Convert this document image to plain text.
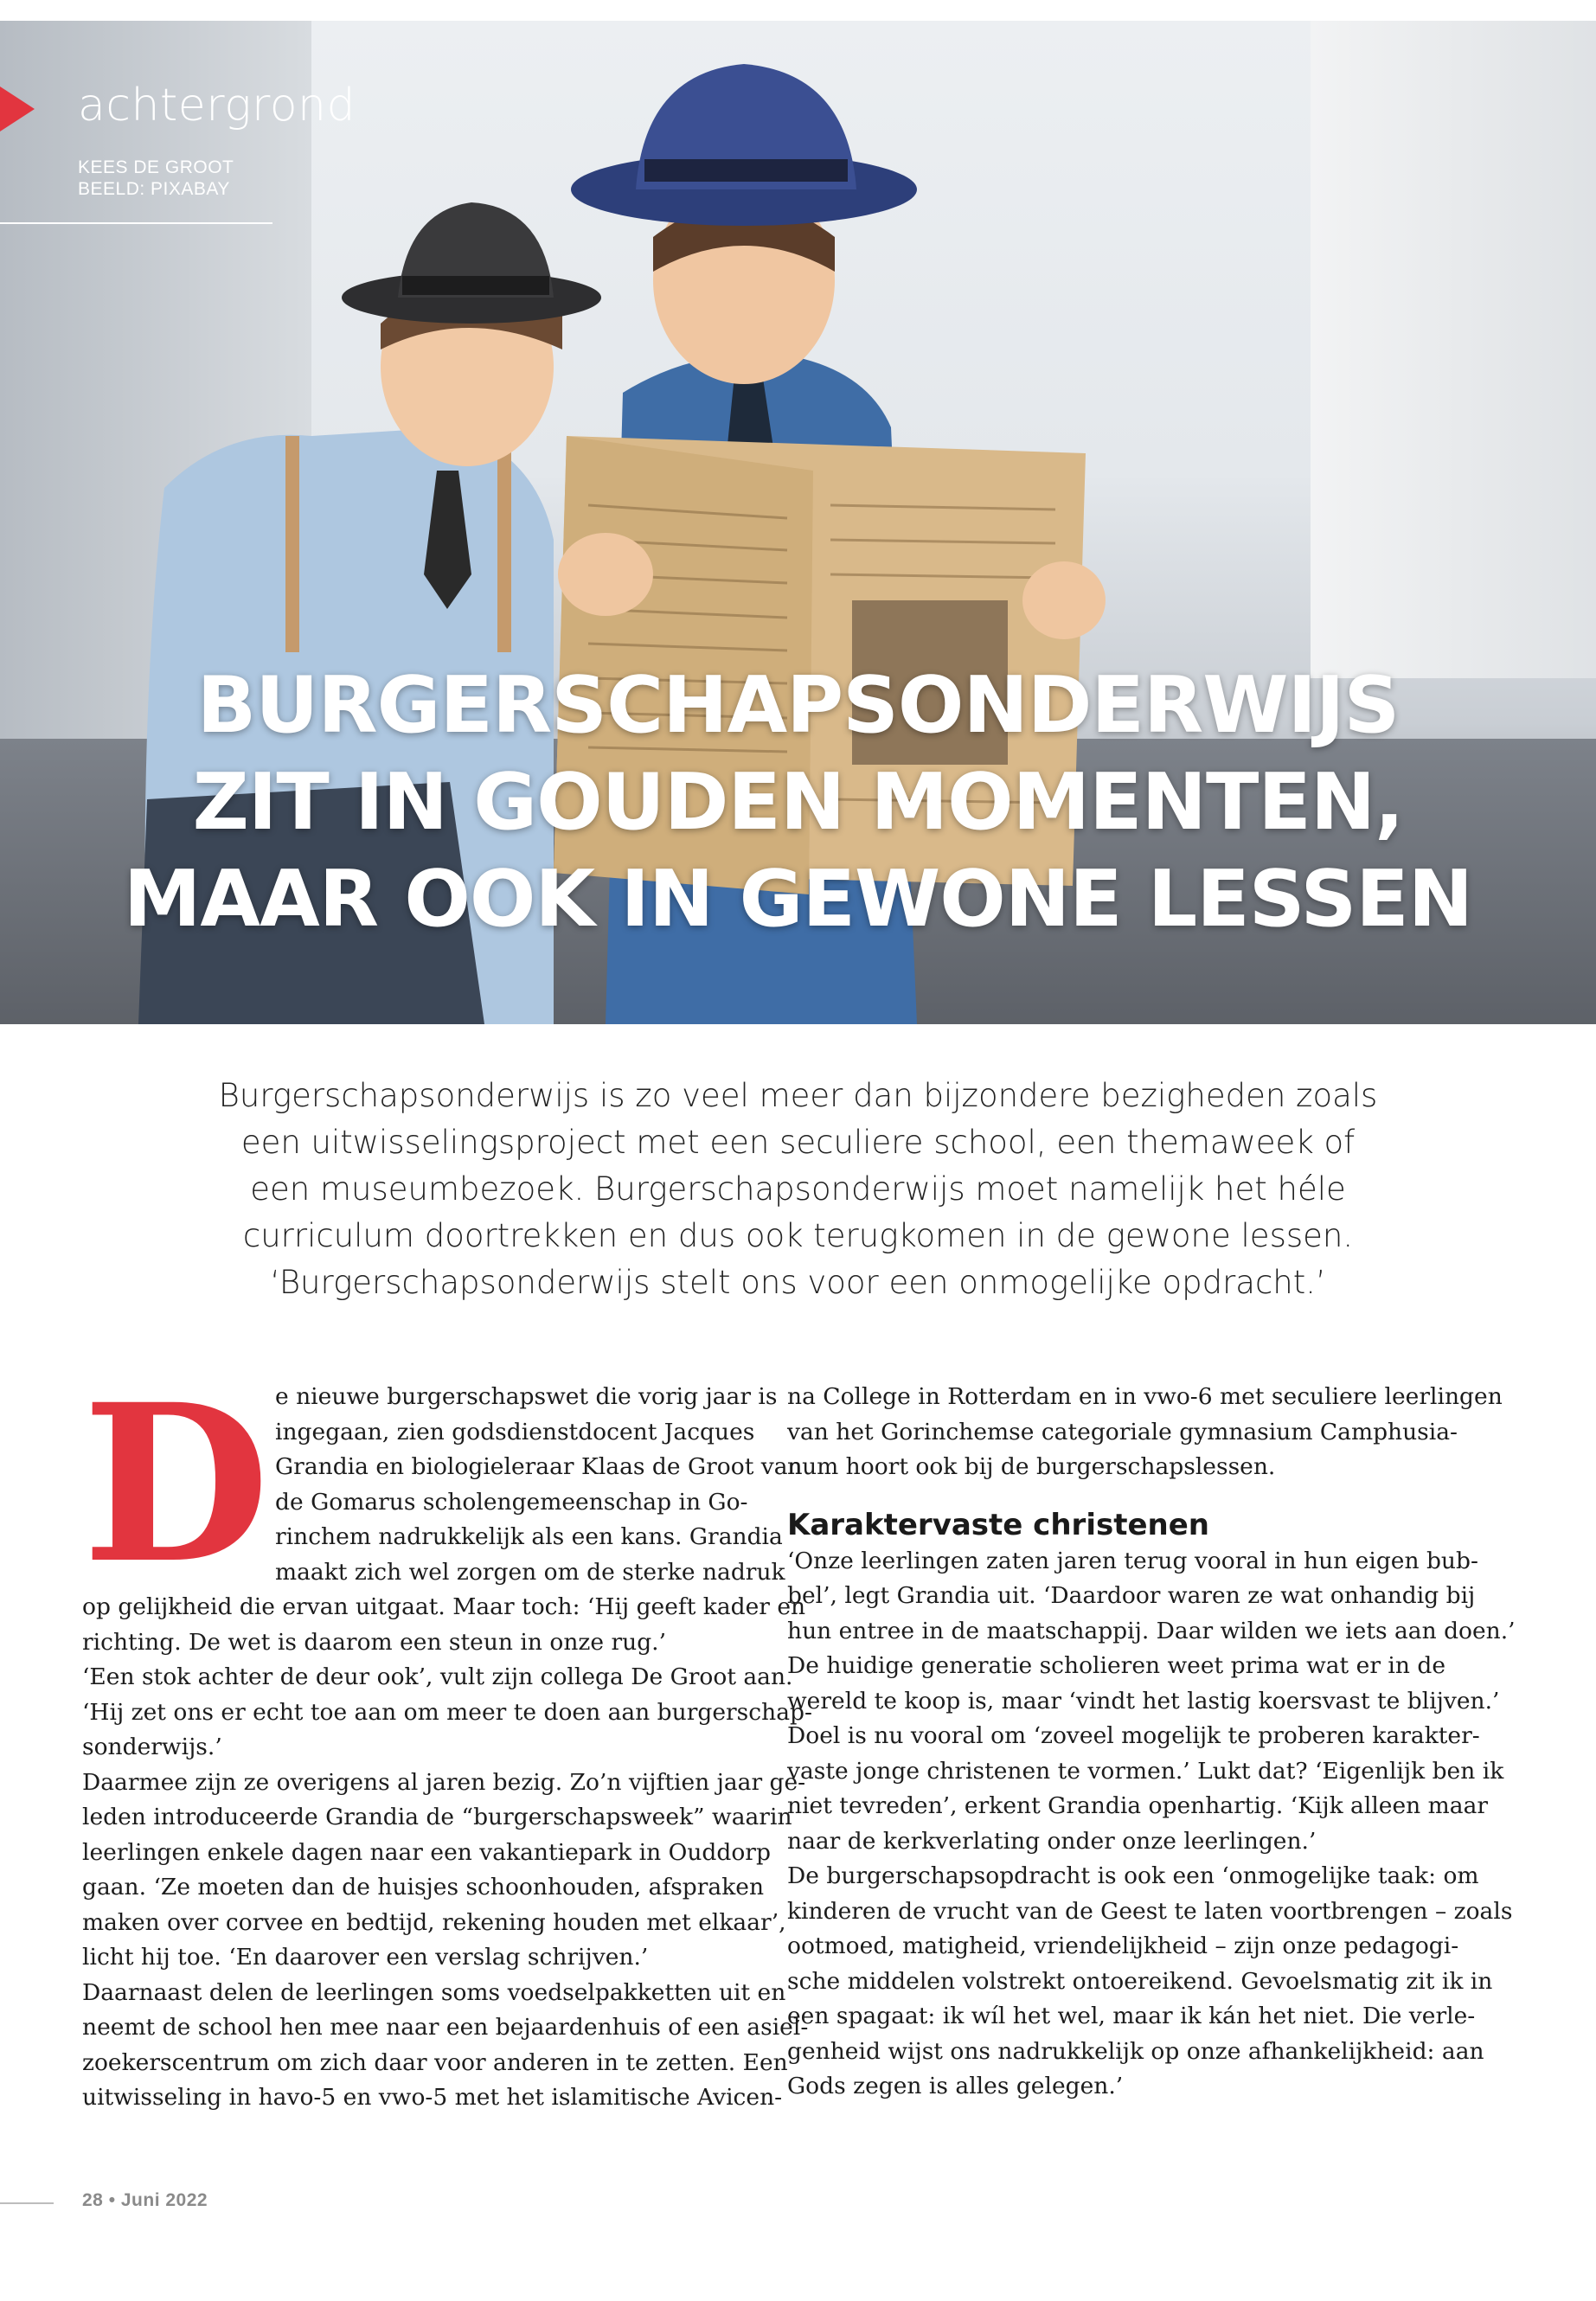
achtergrond
KEES DE GROOT
BEELD: PIXABAY
BURGERSCHAPSONDERWIJS
ZIT IN GOUDEN MOMENTEN,
MAAR OOK IN GEWONE LESSEN
Burgerschapsonderwijs is zo veel meer dan bijzondere bezigheden zoals
een uitwisselingsproject met een seculiere school, een themaweek of
een museumbezoek. Burgerschapsonderwijs moet namelijk het héle
curriculum doortrekken en dus ook terugkomen in de gewone lessen.
‘Burgerschapsonderwijs stelt ons voor een onmogelijke opdracht.’
D e nieuwe burgerschapswet die vorig jaar is
ingegaan, zien godsdienstdocent Jacques
Grandia en biologieleraar Klaas de Groot van
de Gomarus scholengemeenschap in Go-
rinchem nadrukkelijk als een kans. Grandia
maakt zich wel zorgen om de sterke nadruk
op gelijkheid die ervan uitgaat. Maar toch: ‘Hij geeft kader en
richting. De wet is daarom een steun in onze rug.’
‘Een stok achter de deur ook’, vult zijn collega De Groot aan.
‘Hij zet ons er echt toe aan om meer te doen aan burgerschap-
sonderwijs.’
Daarmee zijn ze overigens al jaren bezig. Zo’n vijftien jaar ge-
leden introduceerde Grandia de “burgerschapsweek” waarin
leerlingen enkele dagen naar een vakantiepark in Ouddorp
gaan. ‘Ze moeten dan de huisjes schoonhouden, afspraken
maken over corvee en bedtijd, rekening houden met elkaar’,
licht hij toe. ‘En daarover een verslag schrijven.’
Daarnaast delen de leerlingen soms voedselpakketten uit en
neemt de school hen mee naar een bejaardenhuis of een asiel-
zoekerscentrum om zich daar voor anderen in te zetten. Een
uitwisseling in havo-5 en vwo-5 met het islamitische Avicen-
na College in Rotterdam en in vwo-6 met seculiere leerlingen
van het Gorinchemse categoriale gymnasium Camphusia-
num hoort ook bij de burgerschapslessen.
Karaktervaste christenen
‘Onze leerlingen zaten jaren terug vooral in hun eigen bub-
bel’, legt Grandia uit. ‘Daardoor waren ze wat onhandig bij
hun entree in de maatschappij. Daar wilden we iets aan doen.’
De huidige generatie scholieren weet prima wat er in de
wereld te koop is, maar ‘vindt het lastig koersvast te blijven.’
Doel is nu vooral om ‘zoveel mogelijk te proberen karakter-
vaste jonge christenen te vormen.’ Lukt dat? ‘Eigenlijk ben ik
niet tevreden’, erkent Grandia openhartig. ‘Kijk alleen maar
naar de kerkverlating onder onze leerlingen.’
De burgerschapsopdracht is ook een ‘onmogelijke taak: om
kinderen de vrucht van de Geest te laten voortbrengen – zoals
ootmoed, matigheid, vriendelijkheid – zijn onze pedagogi-
sche middelen volstrekt ontoereikend. Gevoelsmatig zit ik in
een spagaat: ik wíl het wel, maar ik kán het niet. Die verle-
genheid wijst ons nadrukkelijk op onze afhankelijkheid: aan
Gods zegen is alles gelegen.’
28 • Juni 2022
